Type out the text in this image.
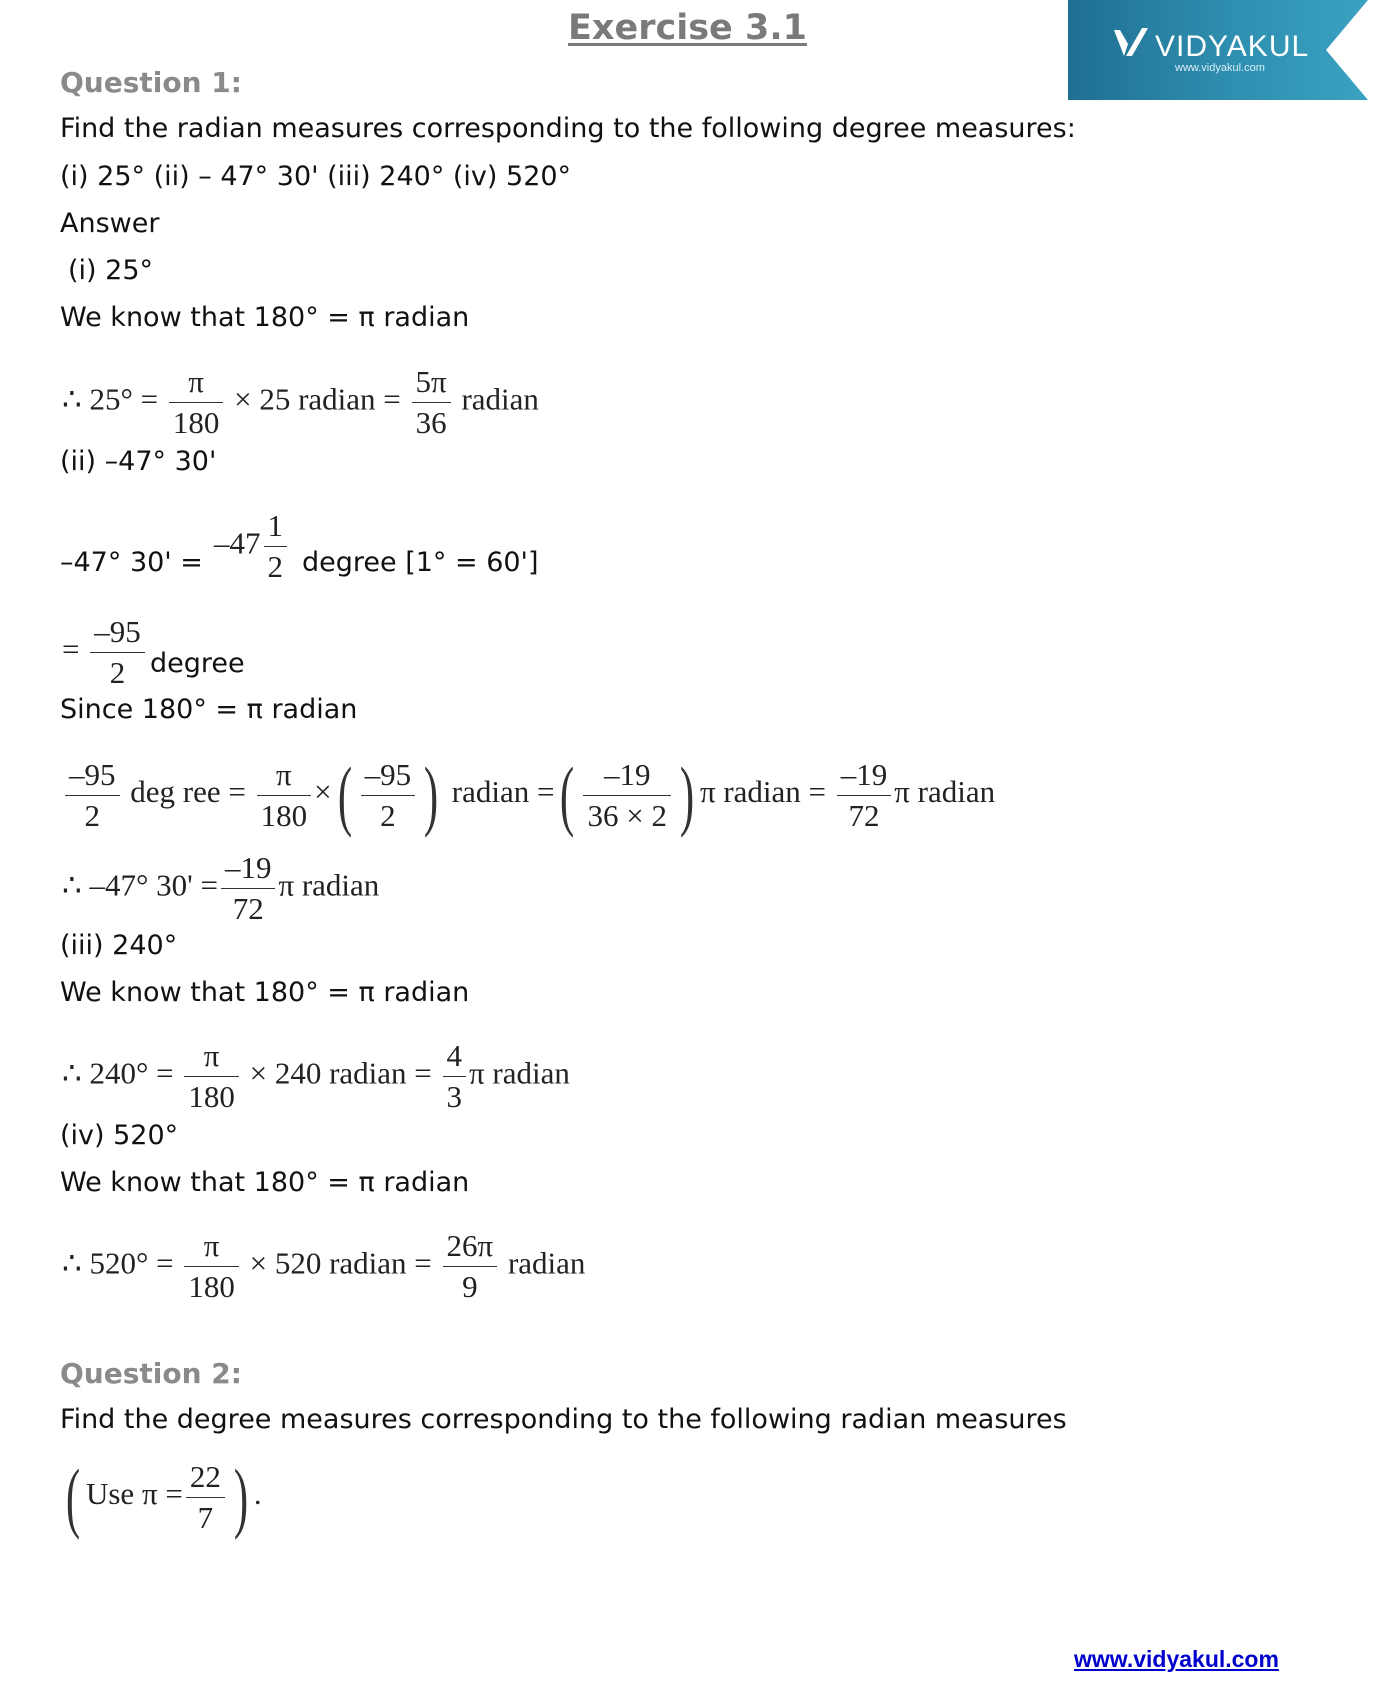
Exercise 3.1	VIDYAKUL
www.vidyakul.com
Question 1:
Find the radian measures corresponding to the following degree measures:
(i) 25° (ii) – 47° 30' (iii) 240° (iv) 520°
Answer
(i) 25°
We know that 180° = π radian
∴ $25^\circ = \frac{\pi}{180} \times 25$ radian = $\frac{5\pi}{36}$ radian
(ii) –47° 30'
–47° 30' =
$-47 \frac{1}{2}$ degree [1° = 60']
= $\frac{-95}{2}$ degree
Since 180° = π radian
$\frac{-95}{2}$ deg ree = $\frac{\pi}{180}$ ×( $\frac{-95}{2}$ ) radian =( $\frac{-19}{36 \times 2}$ ) π radian = $\frac{-19}{72}$ π radian
∴ –47° $30' = \frac{-19}{72}$ π radian
(iii) 240°
We know that 180° = π radian
∴ $240^\circ = \frac{\pi}{180} \times 240$ radian = $\frac{4}{3}$ π radian
(iv) 520°
We know that 180° = π radian
∴ $520^\circ = \frac{\pi}{180} \times 520$ radian = $\frac{26\pi}{9}$ radian
Question 2:
Find the degree measures corresponding to the following radian measures
( Use $\pi = \frac{22}{7}$ ) .
www.vidyakul.com
